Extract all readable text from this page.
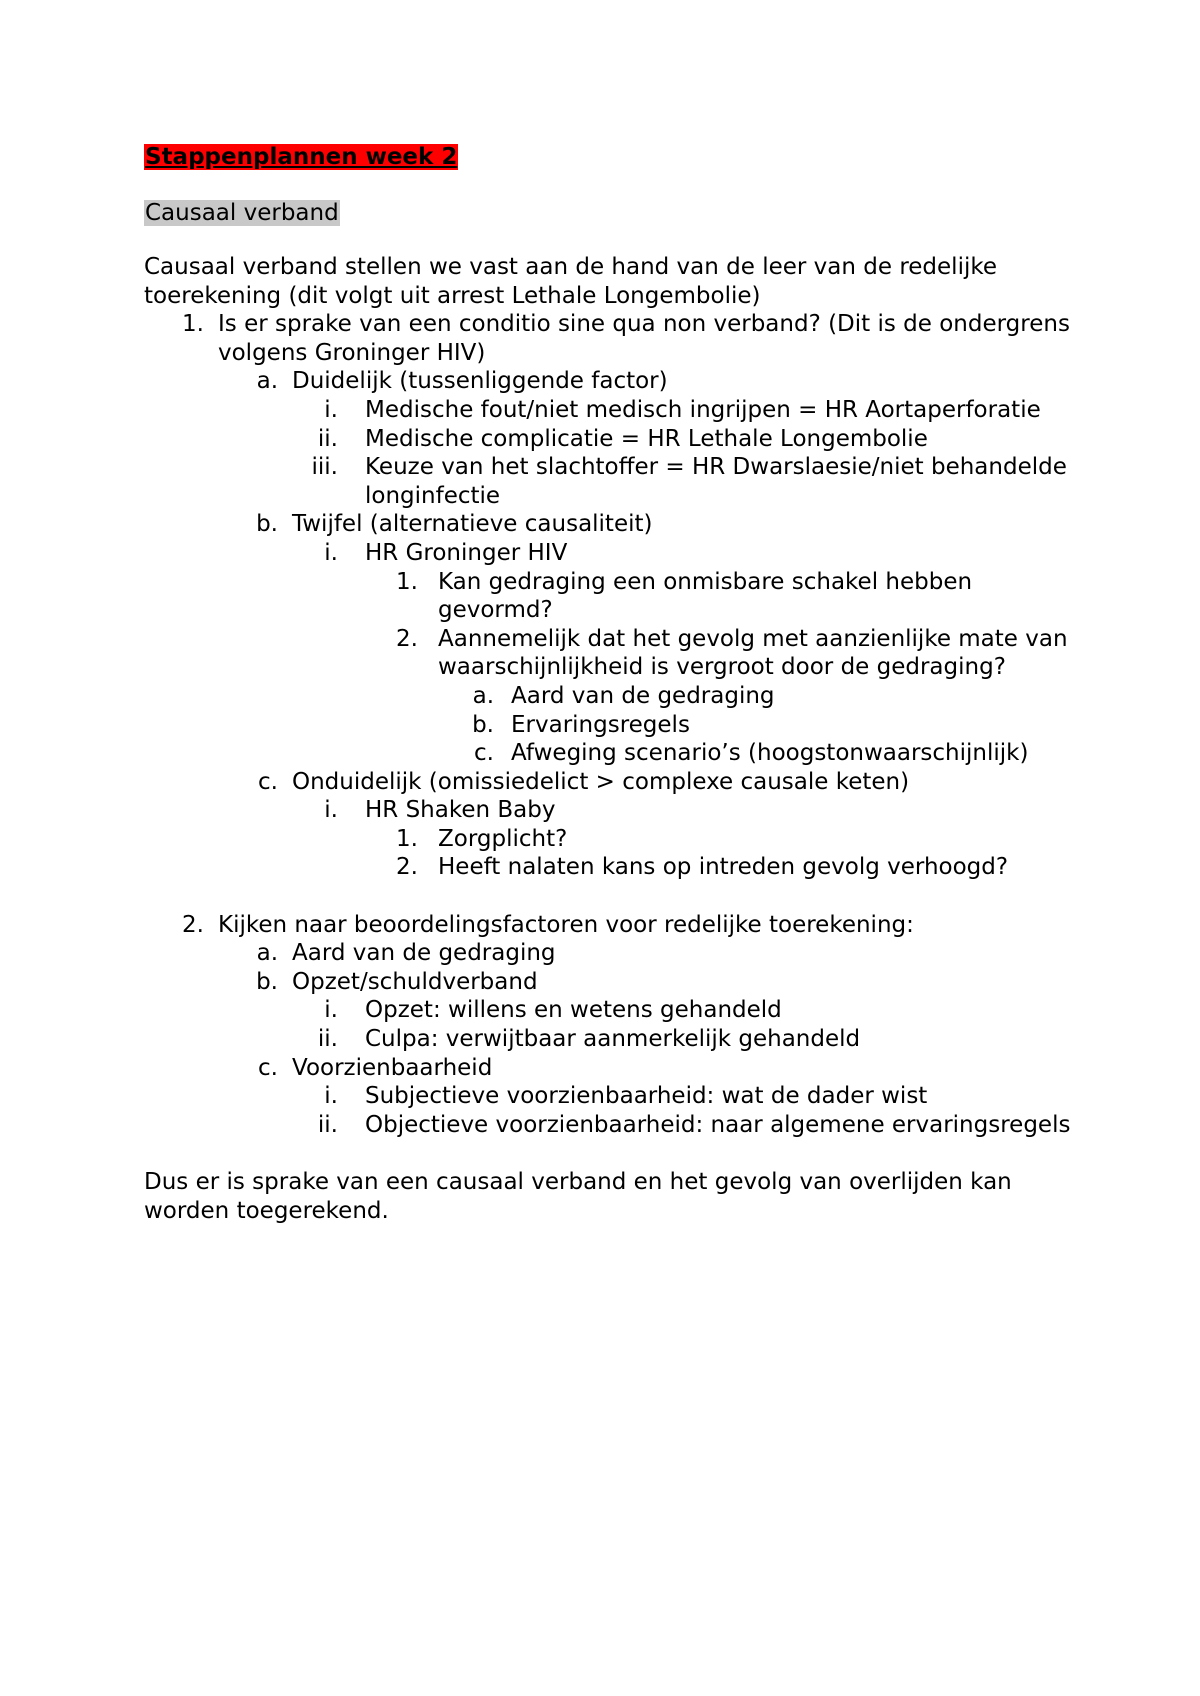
Stappenplannen week 2
Causaal verband

Causaal verband stellen we vast aan de hand van de leer van de redelijke toerekening (dit volgt uit arrest Lethale Longembolie)

1. Is er sprake van een conditio sine qua non verband? (Dit is de ondergrens volgens Groninger HIV)
a. Duidelijk (tussenliggende factor)
i. Medische fout/niet medisch ingrijpen = HR Aortaperforatie
ii. Medische complicatie = HR Lethale Longembolie
iii. Keuze van het slachtoffer = HR Dwarslaesie/niet behandelde longinfectie
b. Twijfel (alternatieve causaliteit)
i. HR Groninger HIV
1. Kan gedraging een onmisbare schakel hebben gevormd?
2. Aannemelijk dat het gevolg met aanzienlijke mate van waarschijnlijkheid is vergroot door de gedraging?
a. Aard van de gedraging
b. Ervaringsregels
c. Afweging scenario’s (hoogstonwaarschijnlijk)
c. Onduidelijk (omissiedelict > complexe causale keten)
i. HR Shaken Baby
1. Zorgplicht?
2. Heeft nalaten kans op intreden gevolg verhoogd?
2. Kijken naar beoordelingsfactoren voor redelijke toerekening:
a. Aard van de gedraging
b. Opzet/schuldverband
i. Opzet: willens en wetens gehandeld
ii. Culpa: verwijtbaar aanmerkelijk gehandeld
c. Voorzienbaarheid
i. Subjectieve voorzienbaarheid: wat de dader wist
ii. Objectieve voorzienbaarheid: naar algemene ervaringsregels

Dus er is sprake van een causaal verband en het gevolg van overlijden kan worden toegerekend.
